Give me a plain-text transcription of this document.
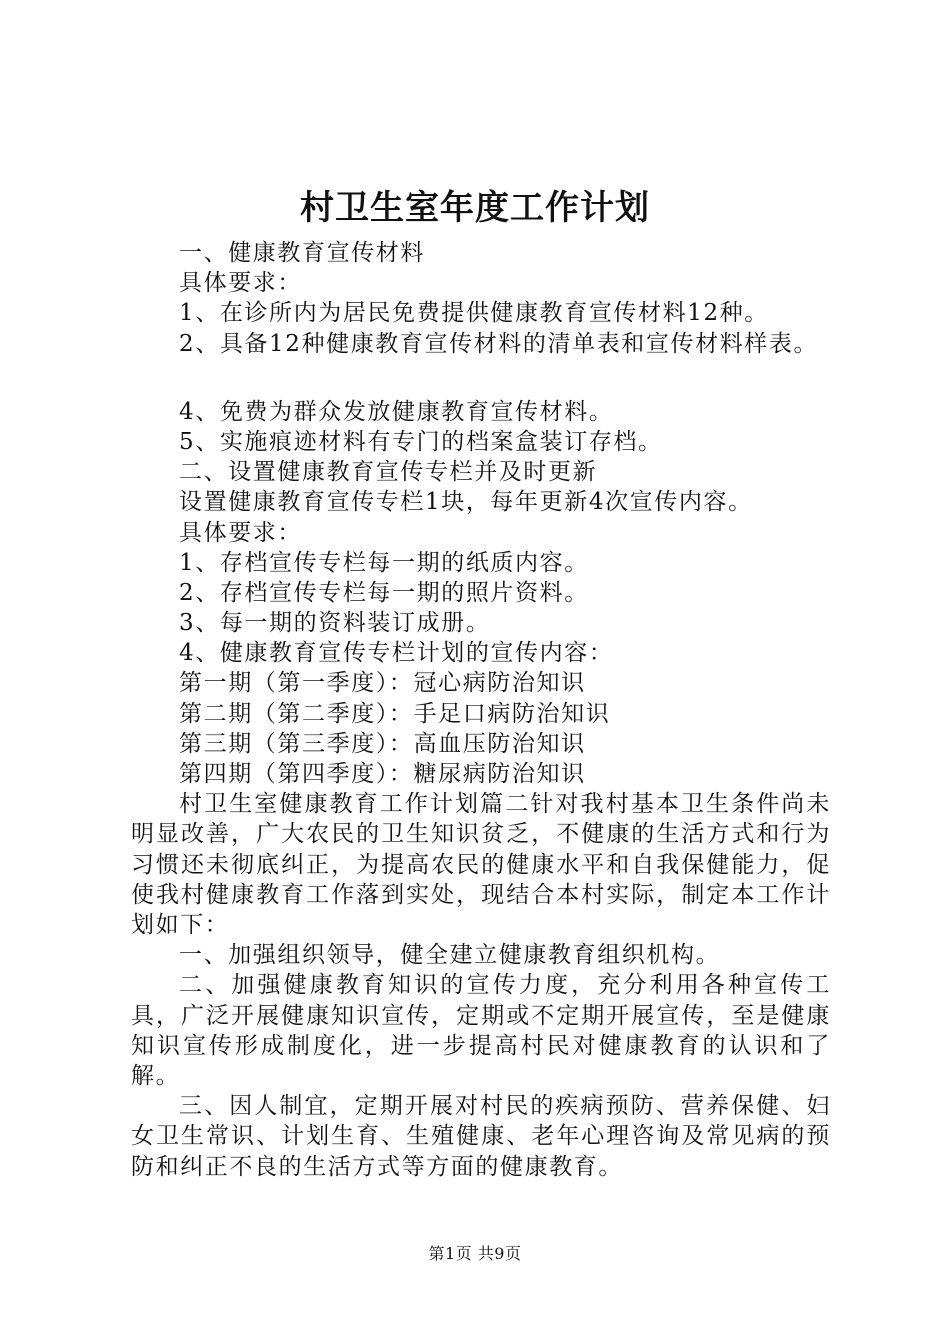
村卫生室年度工作计划
一、健康教育宣传材料
具体要求：
1、在诊所内为居民免费提供健康教育宣传材料12种。
2、具备12种健康教育宣传材料的清单表和宣传材料样表。
4、免费为群众发放健康教育宣传材料。
5、实施痕迹材料有专门的档案盒装订存档。
二、设置健康教育宣传专栏并及时更新
设置健康教育宣传专栏1块，每年更新4次宣传内容。
具体要求：
1、存档宣传专栏每一期的纸质内容。
2、存档宣传专栏每一期的照片资料。
3、每一期的资料装订成册。
4、健康教育宣传专栏计划的宣传内容：
第一期（第一季度）：冠心病防治知识
第二期（第二季度）：手足口病防治知识
第三期（第三季度）：高血压防治知识
第四期（第四季度）：糖尿病防治知识

村卫生室健康教育工作计划篇二针对我村基本卫生条件尚未明显改善，广大农民的卫生知识贫乏，不健康的生活方式和行为习惯还未彻底纠正，为提高农民的健康水平和自我保健能力，促使我村健康教育工作落到实处，现结合本村实际，制定本工作计划如下：

一、加强组织领导，健全建立健康教育组织机构。

二、加强健康教育知识的宣传力度，充分利用各种宣传工具，广泛开展健康知识宣传，定期或不定期开展宣传，至是健康知识宣传形成制度化，进一步提高村民对健康教育的认识和了解。

三、因人制宜，定期开展对村民的疾病预防、营养保健、妇女卫生常识、计划生育、生殖健康、老年心理咨询及常见病的预防和纠正不良的生活方式等方面的健康教育。

第1页 共9页
